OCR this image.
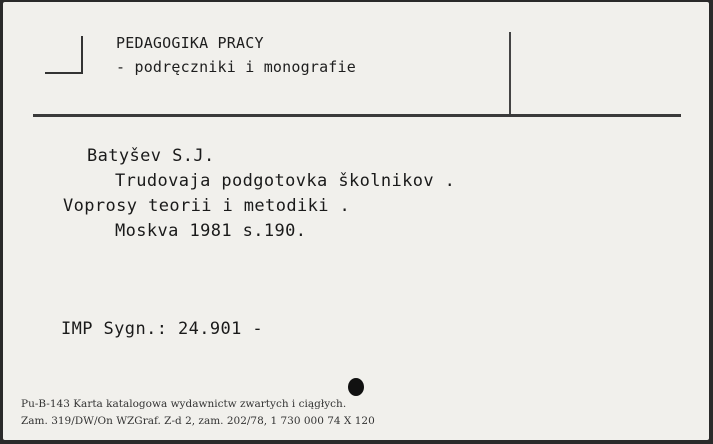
PEDAGOGIKA PRACY
- podręczniki i monografie
Batyšev S.J.
Trudovaja podgotovka školnikov .
Voprosy teorii i metodiki .
Moskva 1981 s.190.
IMP Sygn.: 24.901 -
Pu-B-143 Karta katalogowa wydawnictw zwartych i ciągłych.
Zam. 319/DW/On WZGraf. Z-d 2, zam. 202/78, 1 730 000 74 X 120
